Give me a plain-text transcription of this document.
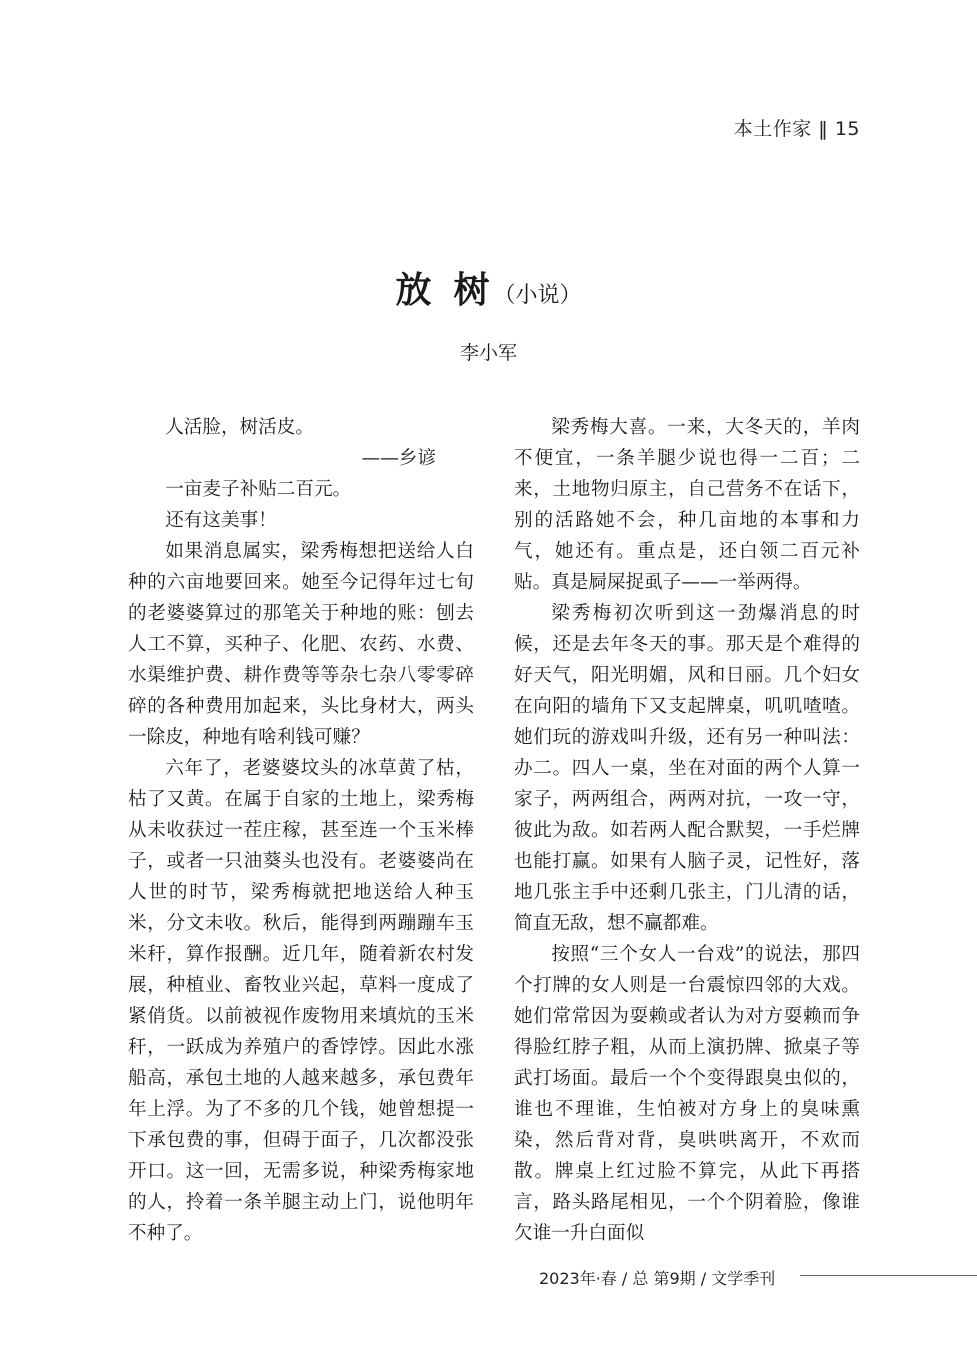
本土作家 ‖ 15
放树（小说）
李小军

人活脸，树活皮。

——乡谚

一亩麦子补贴二百元。

还有这美事！

如果消息属实，梁秀梅想把送给人白种的六亩地要回来。她至今记得年过七旬的老婆婆算过的那笔关于种地的账：刨去人工不算，买种子、化肥、农药、水费、水渠维护费、耕作费等等杂七杂八零零碎碎的各种费用加起来，头比身材大，两头一除皮，种地有啥利钱可赚？

六年了，老婆婆坟头的冰草黄了枯，枯了又黄。在属于自家的土地上，梁秀梅从未收获过一茬庄稼，甚至连一个玉米棒子，或者一只油葵头也没有。老婆婆尚在人世的时节，梁秀梅就把地送给人种玉米，分文未收。秋后，能得到两蹦蹦车玉米秆，算作报酬。近几年，随着新农村发展，种植业、畜牧业兴起，草料一度成了紧俏货。以前被视作废物用来填炕的玉米秆，一跃成为养殖户的香饽饽。因此水涨船高，承包土地的人越来越多，承包费年年上浮。为了不多的几个钱，她曾想提一下承包费的事，但碍于面子，几次都没张开口。这一回，无需多说，种梁秀梅家地的人，拎着一条羊腿主动上门，说他明年不种了。

梁秀梅大喜。一来，大冬天的，羊肉不便宜，一条羊腿少说也得一二百；二来，土地物归原主，自己营务不在话下，别的活路她不会，种几亩地的本事和力气，她还有。重点是，还白领二百元补贴。真是屙屎捉虱子——一举两得。

梁秀梅初次听到这一劲爆消息的时候，还是去年冬天的事。那天是个难得的好天气，阳光明媚，风和日丽。几个妇女在向阳的墙角下又支起牌桌，叽叽喳喳。她们玩的游戏叫升级，还有另一种叫法：办二。四人一桌，坐在对面的两个人算一家子，两两组合，两两对抗，一攻一守，彼此为敌。如若两人配合默契，一手烂牌也能打赢。如果有人脑子灵，记性好，落地几张主手中还剩几张主，门儿清的话，简直无敌，想不赢都难。

按照“三个女人一台戏”的说法，那四个打牌的女人则是一台震惊四邻的大戏。她们常常因为耍赖或者认为对方耍赖而争得脸红脖子粗，从而上演扔牌、掀桌子等武打场面。最后一个个变得跟臭虫似的，谁也不理谁，生怕被对方身上的臭味熏染，然后背对背，臭哄哄离开，不欢而散。牌桌上红过脸不算完，从此下再搭言，路头路尾相见，一个个阴着脸，像谁欠谁一升白面似

2023年·春 / 总 第9期 / 文学季刊
